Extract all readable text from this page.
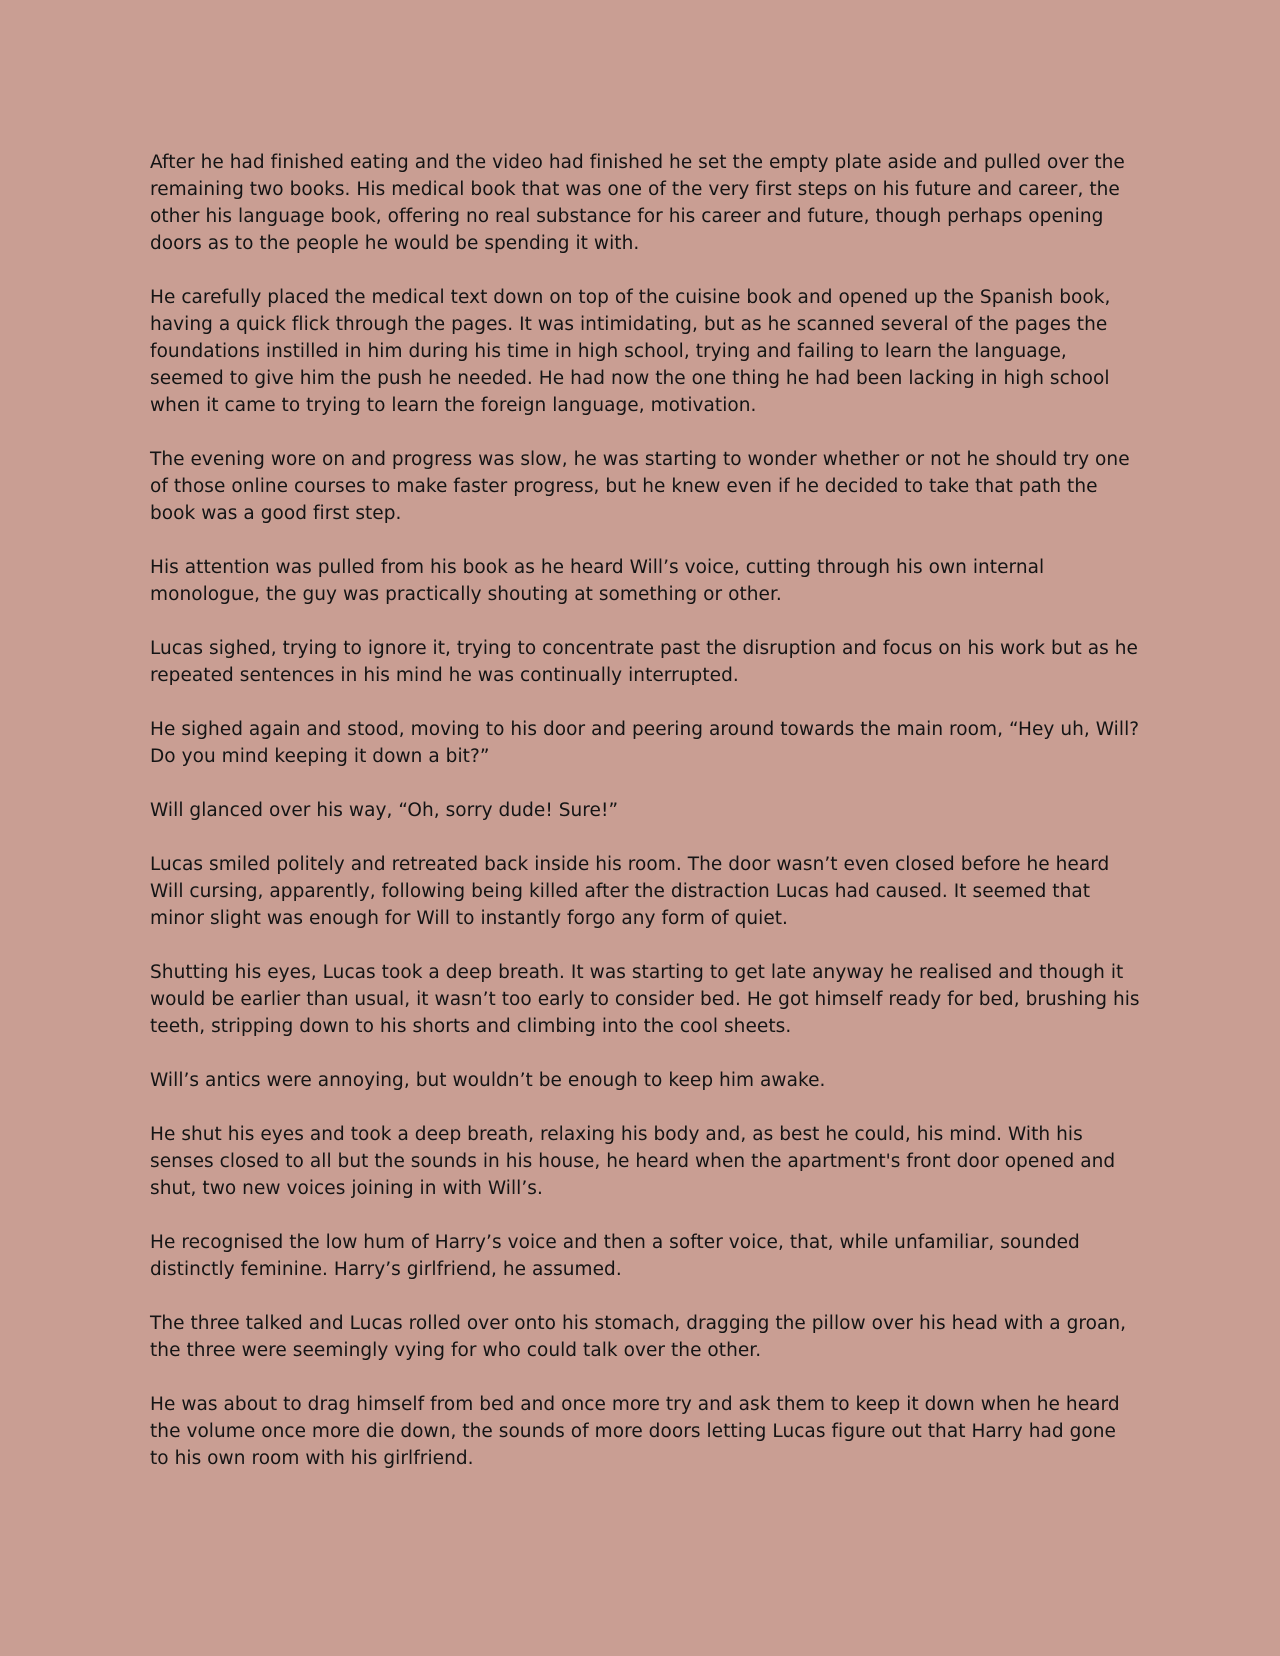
After he had finished eating and the video had finished he set the empty plate aside and pulled over the remaining two books. His medical book that was one of the very first steps on his future and career, the other his language book, offering no real substance for his career and future, though perhaps opening doors as to the people he would be spending it with.

He carefully placed the medical text down on top of the cuisine book and opened up the Spanish book, having a quick flick through the pages. It was intimidating, but as he scanned several of the pages the foundations instilled in him during his time in high school, trying and failing to learn the language, seemed to give him the push he needed. He had now the one thing he had been lacking in high school when it came to trying to learn the foreign language, motivation.

The evening wore on and progress was slow, he was starting to wonder whether or not he should try one of those online courses to make faster progress, but he knew even if he decided to take that path the book was a good first step.

His attention was pulled from his book as he heard Will’s voice, cutting through his own internal monologue, the guy was practically shouting at something or other.

Lucas sighed, trying to ignore it, trying to concentrate past the disruption and focus on his work but as he repeated sentences in his mind he was continually interrupted.

He sighed again and stood, moving to his door and peering around towards the main room, “Hey uh, Will? Do you mind keeping it down a bit?”

Will glanced over his way, “Oh, sorry dude! Sure!”

Lucas smiled politely and retreated back inside his room. The door wasn’t even closed before he heard Will cursing, apparently, following being killed after the distraction Lucas had caused. It seemed that minor slight was enough for Will to instantly forgo any form of quiet.

Shutting his eyes, Lucas took a deep breath. It was starting to get late anyway he realised and though it would be earlier than usual, it wasn’t too early to consider bed. He got himself ready for bed, brushing his teeth, stripping down to his shorts and climbing into the cool sheets.

Will’s antics were annoying, but wouldn’t be enough to keep him awake.

He shut his eyes and took a deep breath, relaxing his body and, as best he could, his mind. With his senses closed to all but the sounds in his house, he heard when the apartment's front door opened and shut, two new voices joining in with Will’s.

He recognised the low hum of Harry’s voice and then a softer voice, that, while unfamiliar, sounded distinctly feminine. Harry’s girlfriend, he assumed.

The three talked and Lucas rolled over onto his stomach, dragging the pillow over his head with a groan, the three were seemingly vying for who could talk over the other.

He was about to drag himself from bed and once more try and ask them to keep it down when he heard the volume once more die down, the sounds of more doors letting Lucas figure out that Harry had gone to his own room with his girlfriend.
